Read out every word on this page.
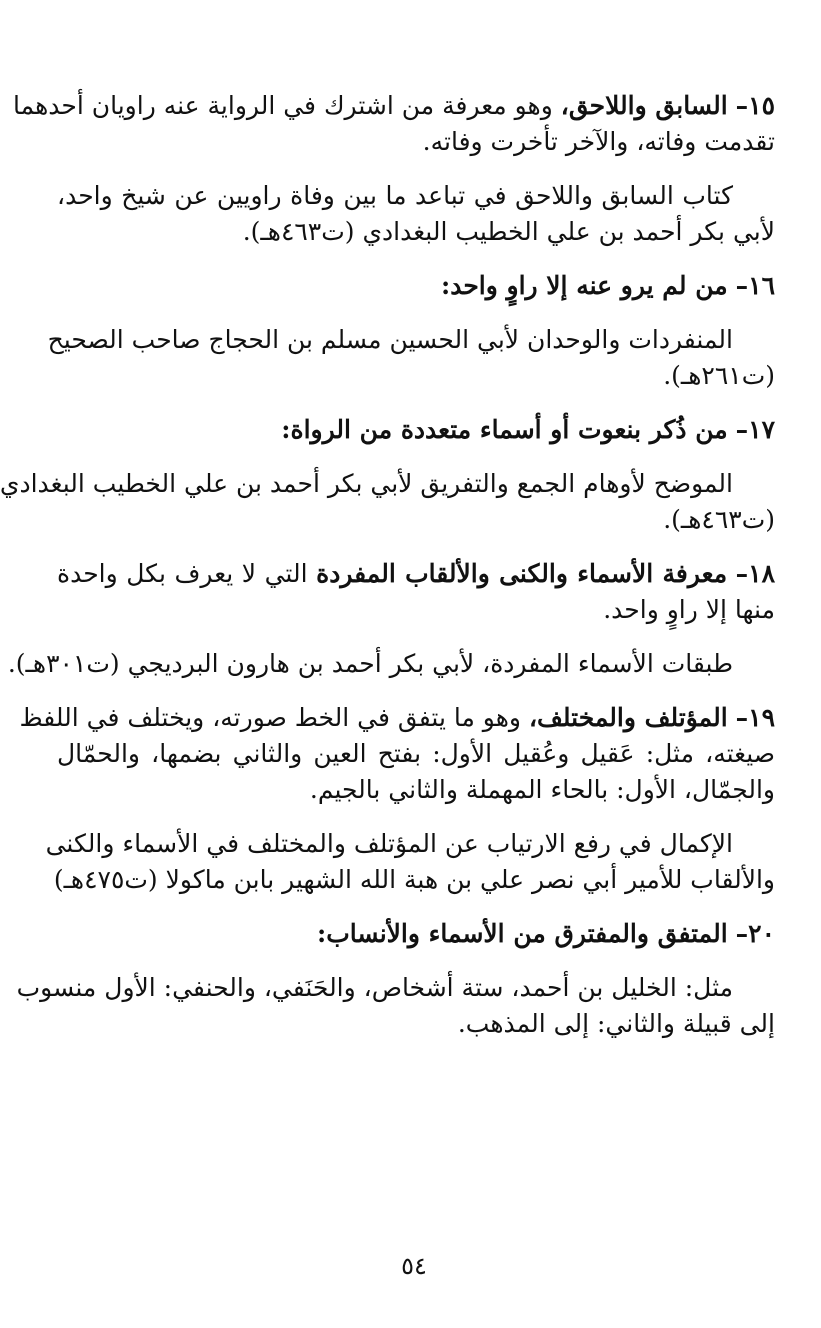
١٥– السابق واللاحق، وهو معرفة من اشترك في الرواية عنه راويان أحدهما

تقدمت وفاته، والآخر تأخرت وفاته.

كتاب السابق واللاحق في تباعد ما بين وفاة راويين عن شيخ واحد،

لأبي بكر أحمد بن علي الخطيب البغدادي (ت٤٦٣هـ).

١٦– من لم يرو عنه إلا راوٍ واحد:

المنفردات والوحدان لأبي الحسين مسلم بن الحجاج صاحب الصحيح

(ت٢٦١هـ).

١٧– من ذُكر بنعوت أو أسماء متعددة من الرواة:

الموضح لأوهام الجمع والتفريق لأبي بكر أحمد بن علي الخطيب البغدادي

(ت٤٦٣هـ).

١٨– معرفة الأسماء والكنى والألقاب المفردة التي لا يعرف بكل واحدة

منها إلا راوٍ واحد.

طبقات الأسماء المفردة، لأبي بكر أحمد بن هارون البرديجي (ت٣٠١هـ).

١٩– المؤتلف والمختلف، وهو ما يتفق في الخط صورته، ويختلف في اللفظ

صيغته، مثل: عَقيل وعُقيل الأول: بفتح العين والثاني بضمها، والحمّال

والجمّال، الأول: بالحاء المهملة والثاني بالجيم.

الإكمال في رفع الارتياب عن المؤتلف والمختلف في الأسماء والكنى

والألقاب للأمير أبي نصر علي بن هبة الله الشهير بابن ماكولا (ت٤٧٥هـ)

٢٠– المتفق والمفترق من الأسماء والأنساب:

مثل: الخليل بن أحمد، ستة أشخاص، والحَنَفي، والحنفي: الأول منسوب

إلى قبيلة والثاني: إلى المذهب.

٥٤
